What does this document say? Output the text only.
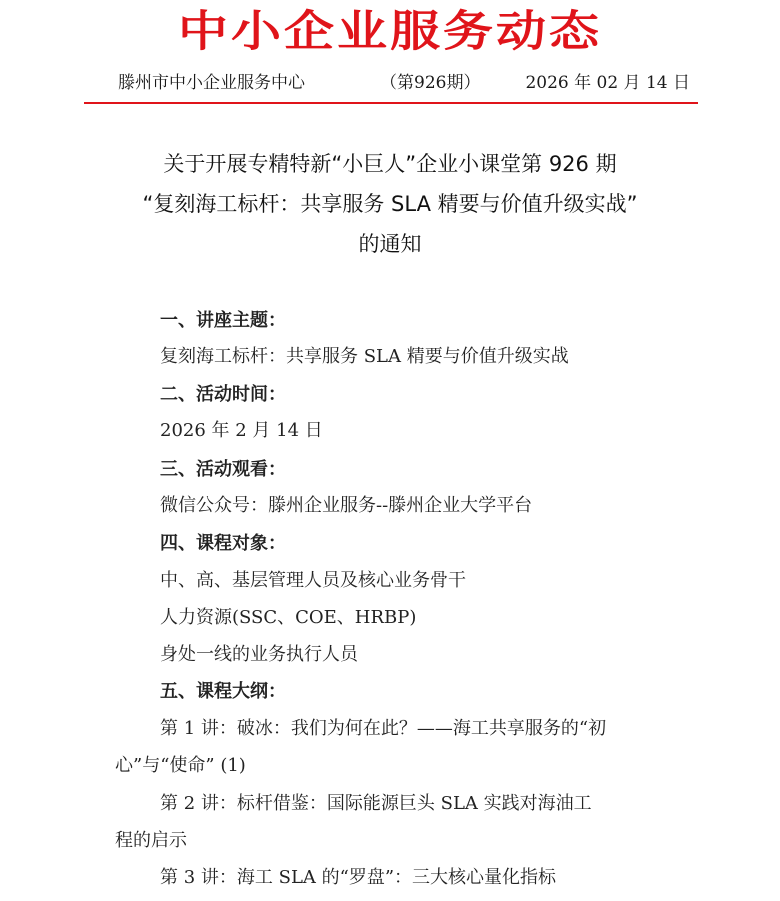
中小企业服务动态
滕州市中小企业服务中心	（第926期）	2026 年 02 月 14 日
关于开展专精特新“小巨人”企业小课堂第 926 期
“复刻海工标杆：共享服务 SLA 精要与价值升级实战”
的通知
一、讲座主题：
复刻海工标杆：共享服务 SLA 精要与价值升级实战
二、活动时间：
2026 年 2 月 14 日
三、活动观看：
微信公众号：滕州企业服务--滕州企业大学平台
四、课程对象：
中、高、基层管理人员及核心业务骨干
人力资源(SSC、COE、HRBP)
身处一线的业务执行人员
五、课程大纲：
第 1 讲：破冰：我们为何在此？——海工共享服务的“初
心”与“使命” (1)
第 2 讲：标杆借鉴：国际能源巨头 SLA 实践对海油工
程的启示
第 3 讲：海工 SLA 的“罗盘”：三大核心量化指标
